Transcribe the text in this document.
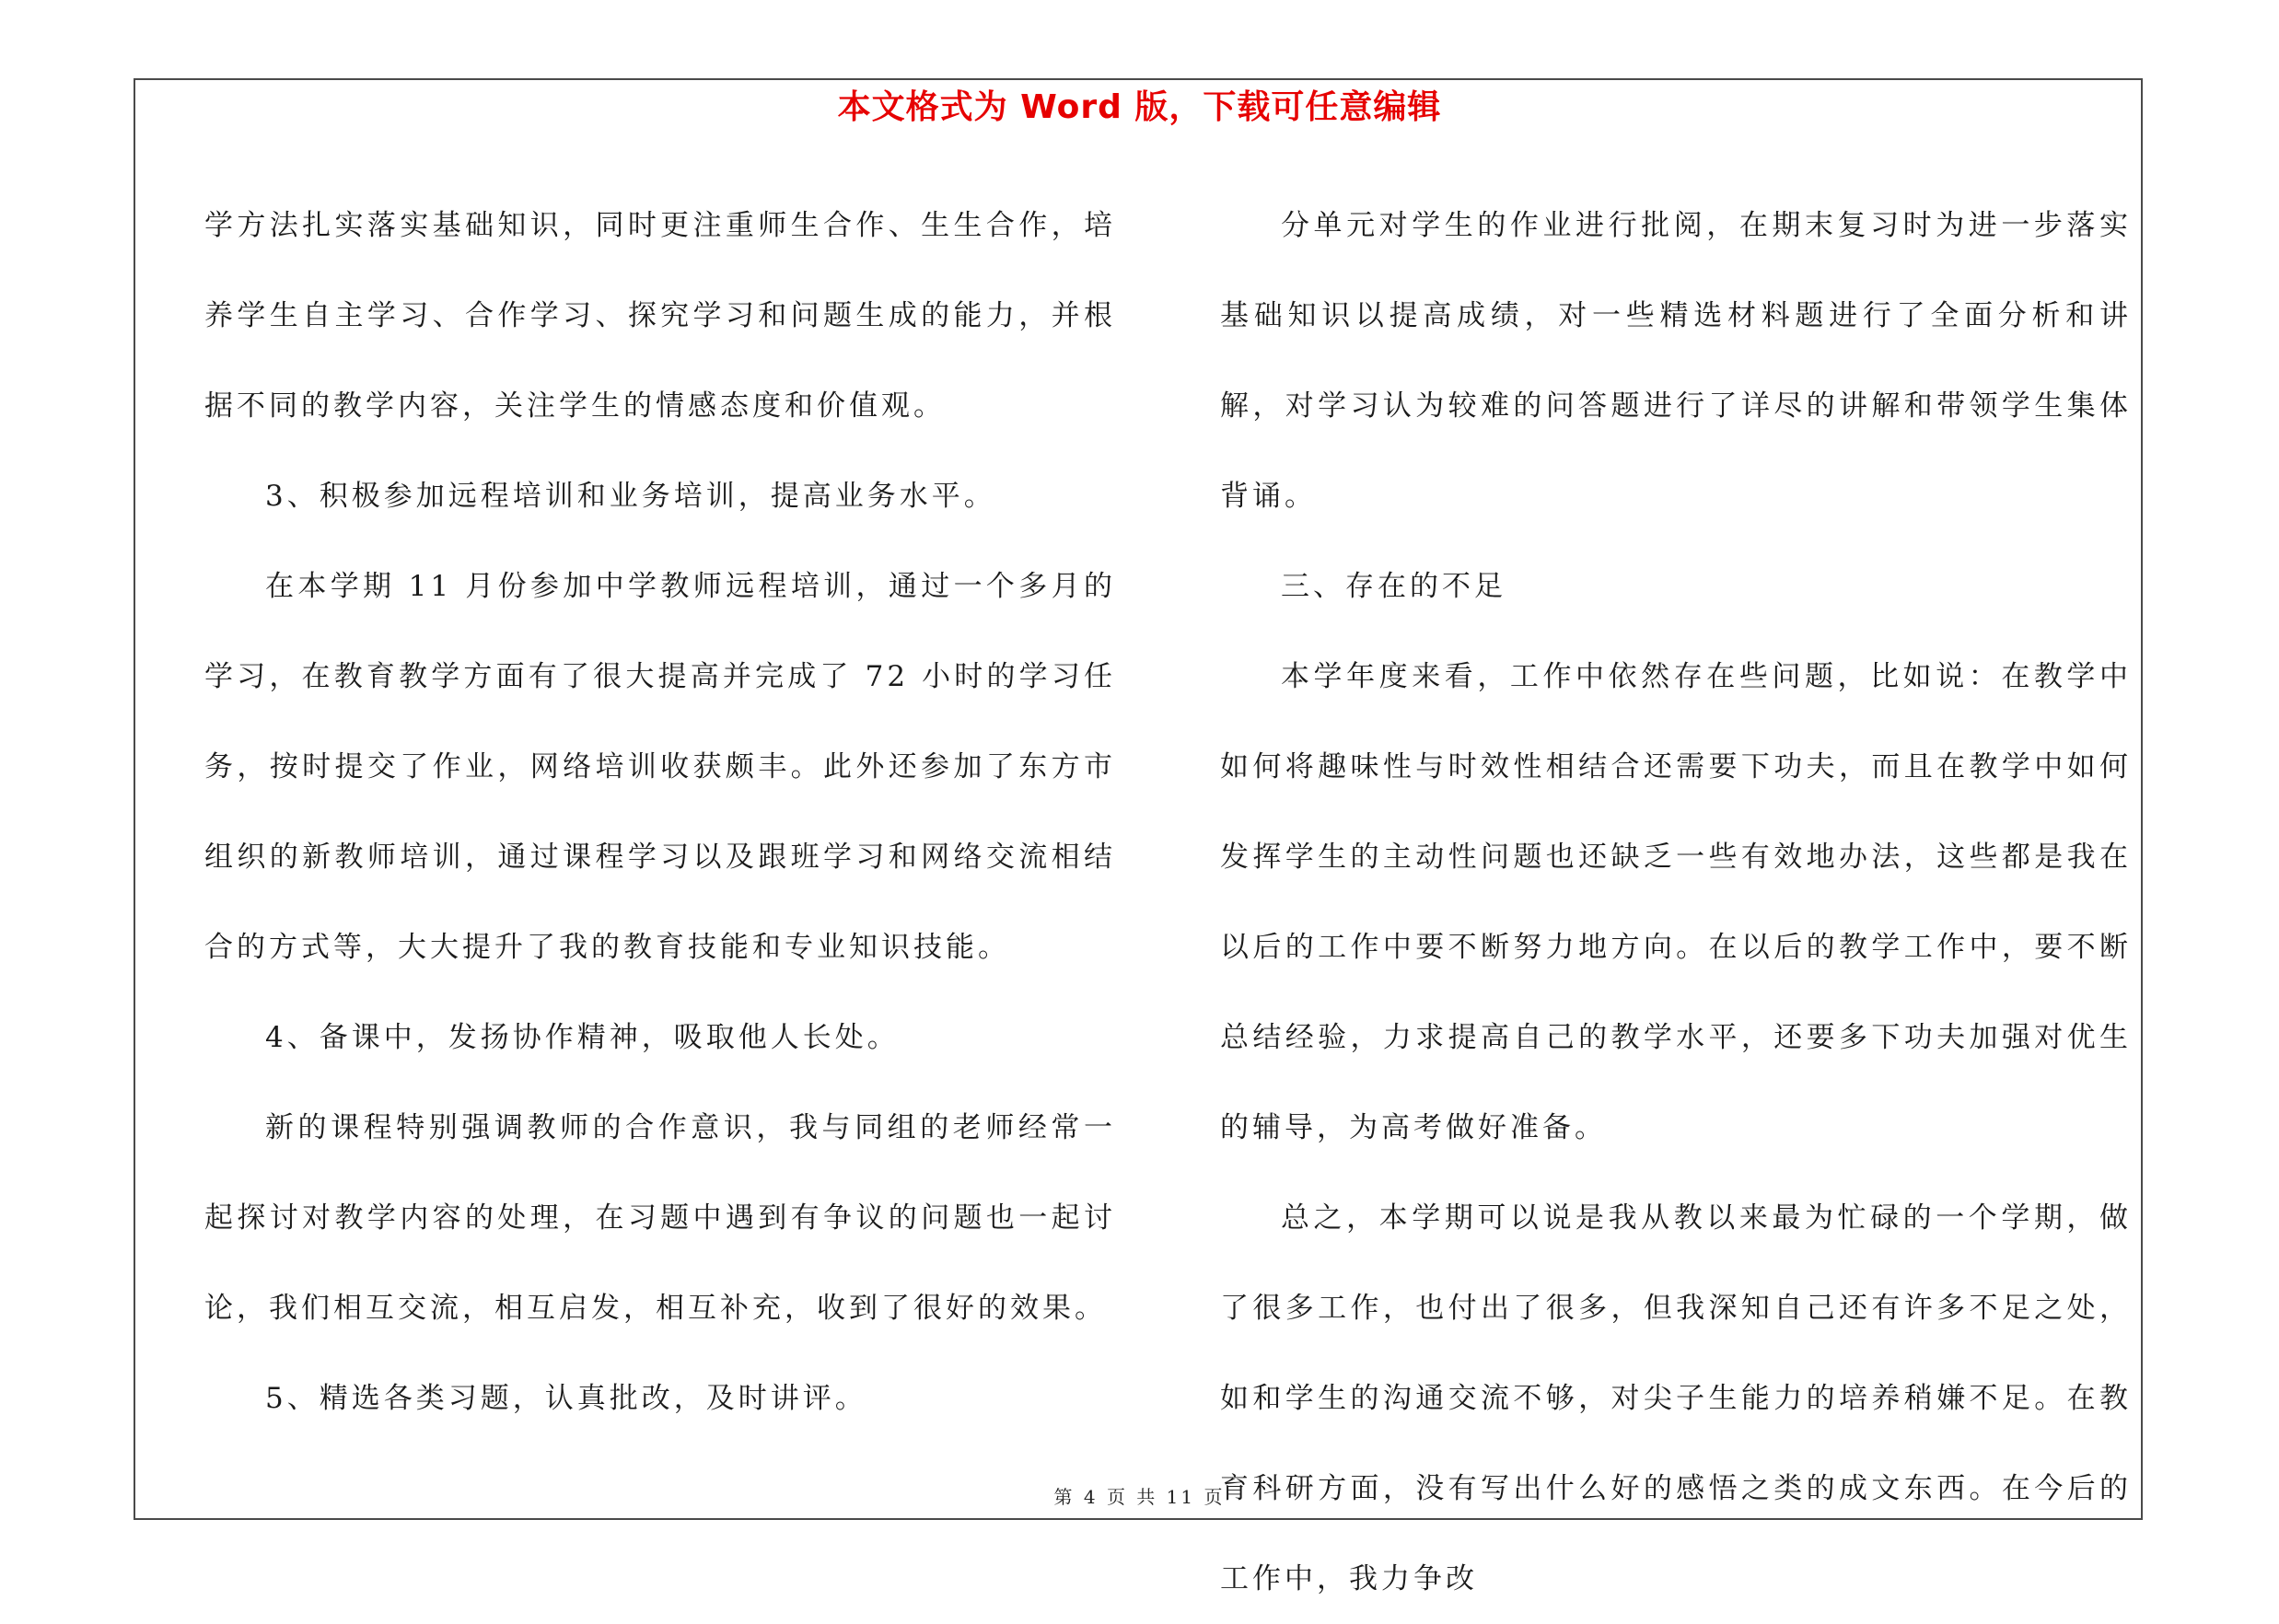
本文格式为 Word 版，下载可任意编辑

学方法扎实落实基础知识，同时更注重师生合作、生生合作，培养学生自主学习、合作学习、探究学习和问题生成的能力，并根据不同的教学内容，关注学生的情感态度和价值观。

3、积极参加远程培训和业务培训，提高业务水平。

在本学期 11 月份参加中学教师远程培训，通过一个多月的学习，在教育教学方面有了很大提高并完成了 72 小时的学习任务，按时提交了作业，网络培训收获颇丰。此外还参加了东方市组织的新教师培训，通过课程学习以及跟班学习和网络交流相结合的方式等，大大提升了我的教育技能和专业知识技能。

4、备课中，发扬协作精神，吸取他人长处。

新的课程特别强调教师的合作意识，我与同组的老师经常一起探讨对教学内容的处理，在习题中遇到有争议的问题也一起讨论，我们相互交流，相互启发，相互补充，收到了很好的效果。

5、精选各类习题，认真批改，及时讲评。

分单元对学生的作业进行批阅，在期末复习时为进一步落实基础知识以提高成绩，对一些精选材料题进行了全面分析和讲解，对学习认为较难的问答题进行了详尽的讲解和带领学生集体背诵。

三、存在的不足

本学年度来看，工作中依然存在些问题，比如说：在教学中如何将趣味性与时效性相结合还需要下功夫，而且在教学中如何发挥学生的主动性问题也还缺乏一些有效地办法，这些都是我在以后的工作中要不断努力地方向。在以后的教学工作中，要不断总结经验，力求提高自己的教学水平，还要多下功夫加强对优生的辅导，为高考做好准备。

总之，本学期可以说是我从教以来最为忙碌的一个学期，做了很多工作，也付出了很多，但我深知自己还有许多不足之处，如和学生的沟通交流不够，对尖子生能力的培养稍嫌不足。在教育科研方面，没有写出什么好的感悟之类的成文东西。在今后的工作中，我力争改

第 4 页 共 11 页
